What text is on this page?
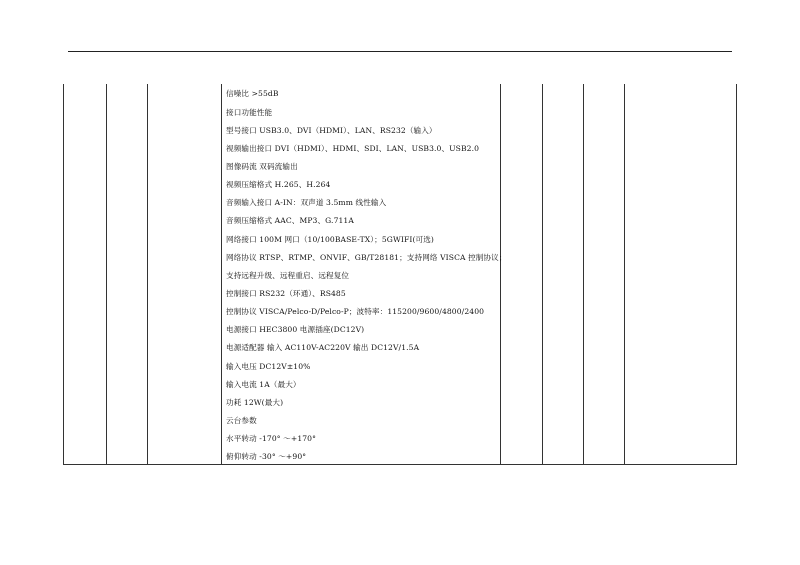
信噪比 >55dB
接口功能性能
型号接口 USB3.0、DVI（HDMI）、LAN、RS232（输入）
视频输出接口 DVI（HDMI）、HDMI、SDI、LAN、USB3.0、USB2.0
图像码流 双码流输出
视频压缩格式 H.265、H.264
音频输入接口 A-IN：双声道 3.5mm 线性输入
音频压缩格式 AAC、MP3、G.711A
网络接口 100M 网口（10/100BASE-TX）；5GWIFI(可选)
网络协议 RTSP、RTMP、ONVIF、GB/T28181；支持网络 VISCA 控制协议；
支持远程升级、远程重启、远程复位
控制接口 RS232（环通）、RS485
控制协议 VISCA/Pelco-D/Pelco-P；波特率：115200/9600/4800/2400
电源接口 HEC3800 电源插座(DC12V)
电源适配器 输入 AC110V-AC220V 输出 DC12V/1.5A
输入电压 DC12V±10%
输入电流 1A（最大）
功耗 12W(最大)
云台参数
水平转动 -170° ～+170°
俯仰转动 -30° ～+90°
